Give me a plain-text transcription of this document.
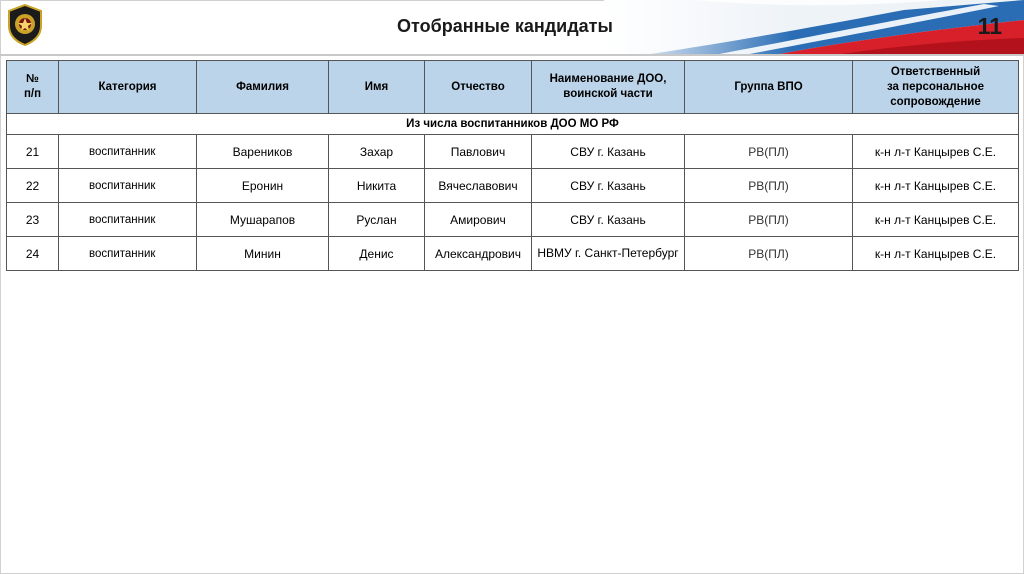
Отобранные кандидаты	11
№
п/п	Категория	Фамилия	Имя	Отчество	Наименование ДОО, воинской части	Группа ВПО	Ответственный
за персональное
сопровождение
Из числа воспитанников ДОО МО РФ							
21	воспитанник	Вареников	Захар	Павлович	СВУ г. Казань	РВ(ПЛ)	к-н л-т Канцырев С.Е.
22	воспитанник	Еронин	Никита	Вячеславович	СВУ г. Казань	РВ(ПЛ)	к-н л-т Канцырев С.Е.
23	воспитанник	Мушарапов	Руслан	Амирович	СВУ г. Казань	РВ(ПЛ)	к-н л-т Канцырев С.Е.
24	воспитанник	Минин	Денис	Александрович	НВМУ г. Санкт-Петербург	РВ(ПЛ)	к-н л-т Канцырев С.Е.
